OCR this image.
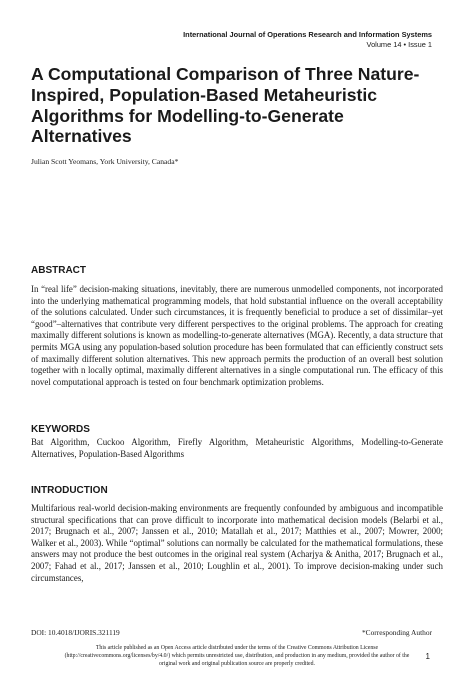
International Journal of Operations Research and Information Systems
Volume 14 • Issue 1
A Computational Comparison of Three Nature-Inspired, Population-Based Metaheuristic Algorithms for Modelling-to-Generate Alternatives
Julian Scott Yeomans, York University, Canada*
ABSTRACT

In “real life” decision-making situations, inevitably, there are numerous unmodelled components, not incorporated into the underlying mathematical programming models, that hold substantial influence on the overall acceptability of the solutions calculated. Under such circumstances, it is frequently beneficial to produce a set of dissimilar–yet “good”–alternatives that contribute very different perspectives to the original problems. The approach for creating maximally different solutions is known as modelling-to-generate alternatives (MGA). Recently, a data structure that permits MGA using any population-based solution procedure has been formulated that can efficiently construct sets of maximally different solution alternatives. This new approach permits the production of an overall best solution together with n locally optimal, maximally different alternatives in a single computational run. The efficacy of this novel computational approach is tested on four benchmark optimization problems.

KEYWORDS

Bat Algorithm, Cuckoo Algorithm, Firefly Algorithm, Metaheuristic Algorithms, Modelling-to-Generate Alternatives, Population-Based Algorithms

INTRODUCTION

Multifarious real-world decision-making environments are frequently confounded by ambiguous and incompatible structural specifications that can prove difficult to incorporate into mathematical decision models (Belarbi et al., 2017; Brugnach et al., 2007; Janssen et al., 2010; Matallah et al., 2017; Matthies et al., 2007; Mowrer, 2000; Walker et al., 2003). While “optimal” solutions can normally be calculated for the mathematical formulations, these answers may not produce the best outcomes in the original real system (Acharjya & Anitha, 2017; Brugnach et al., 2007; Fahad et al., 2017; Janssen et al., 2010; Loughlin et al., 2001). To improve decision-making under such circumstances,

DOI: 10.4018/IJORIS.321119	*Corresponding Author
This article published as an Open Access article distributed under the terms of the Creative Commons Attribution License (http://creativecommons.org/licenses/by/4.0/) which permits unrestricted use, distribution, and production in any medium, provided the author of the original work and original publication source are properly credited.
1
